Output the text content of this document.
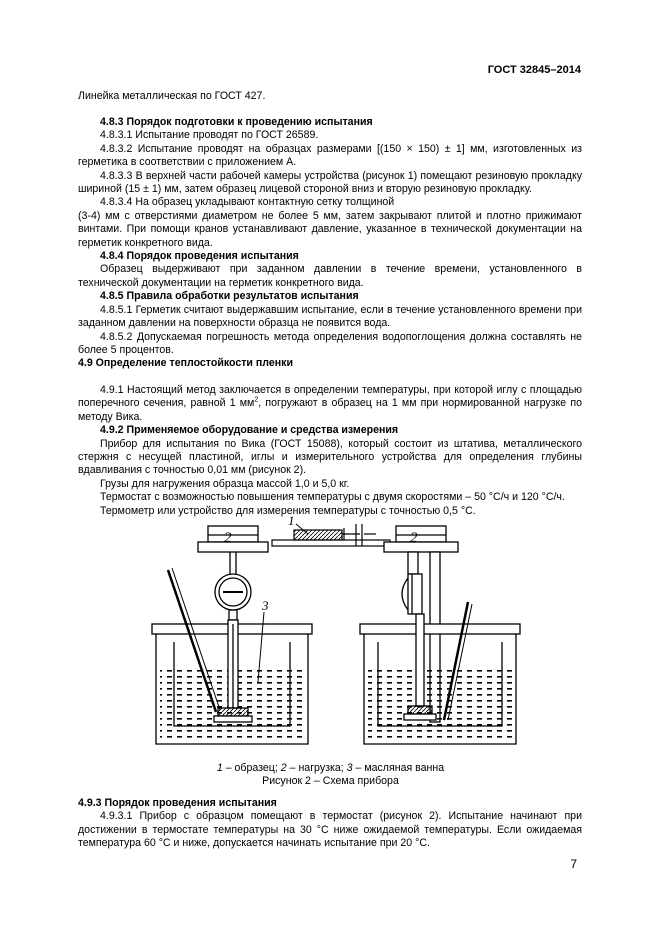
ГОСТ 32845–2014

Линейка металлическая по ГОСТ 427.

4.8.3 Порядок подготовки к проведению испытания

4.8.3.1 Испытание проводят по ГОСТ 26589.

4.8.3.2 Испытание проводят на образцах размерами [(150 × 150) ± 1] мм, изготовленных из герметика в соответствии с приложением А.

4.8.3.3 В верхней части рабочей камеры устройства (рисунок 1) помещают резиновую прокладку шириной (15 ± 1) мм, затем образец лицевой стороной вниз и вторую резиновую прокладку.

4.8.3.4 На образец укладывают контактную сетку толщиной

(3-4) мм с отверстиями диаметром не более 5 мм, затем закрывают плитой и плотно прижимают винтами. При помощи кранов устанавливают давление, указанное в технической документации на герметик конкретного вида.

4.8.4 Порядок проведения испытания

Образец выдерживают при заданном давлении в течение времени, установленного в технической документации на герметик конкретного вида.

4.8.5 Правила обработки результатов испытания

4.8.5.1 Герметик считают выдержавшим испытание, если в течение установленного времени при заданном давлении на поверхности образца не появится вода.

4.8.5.2 Допускаемая погрешность метода определения водопоглощения должна составлять не более 5 процентов.

4.9 Определение теплостойкости пленки

4.9.1 Настоящий метод заключается в определении температуры, при которой иглу с площадью поперечного сечения, равной 1 $мм^2$, погружают в образец на 1 мм при нормированной нагрузке по методу Вика.

4.9.2 Применяемое оборудование и средства измерения

Прибор для испытания по Вика (ГОСТ 15088), который состоит из штатива, металлического стержня с несущей пластиной, иглы и измерительного устройства для определения глубины вдавливания с точностью 0,01 мм (рисунок 2).

Грузы для нагружения образца массой 1,0 и 5,0 кг.

Термостат с возможностью повышения температуры с двумя скоростями – 50 °С/ч и 120 °С/ч.

Термометр или устройство для измерения температуры с точностью 0,5 °С.

2
3
1
2
1 – образец; 2 – нагрузка; 3 – масляная ванна
Рисунок 2 – Схема прибора

4.9.3 Порядок проведения испытания

4.9.3.1 Прибор с образцом помещают в термостат (рисунок 2). Испытание начинают при достижении в термостате температуры на 30 °С ниже ожидаемой температуры. Если ожидаемая температура 60 °С и ниже, допускается начинать испытание при 20 °С.

7
